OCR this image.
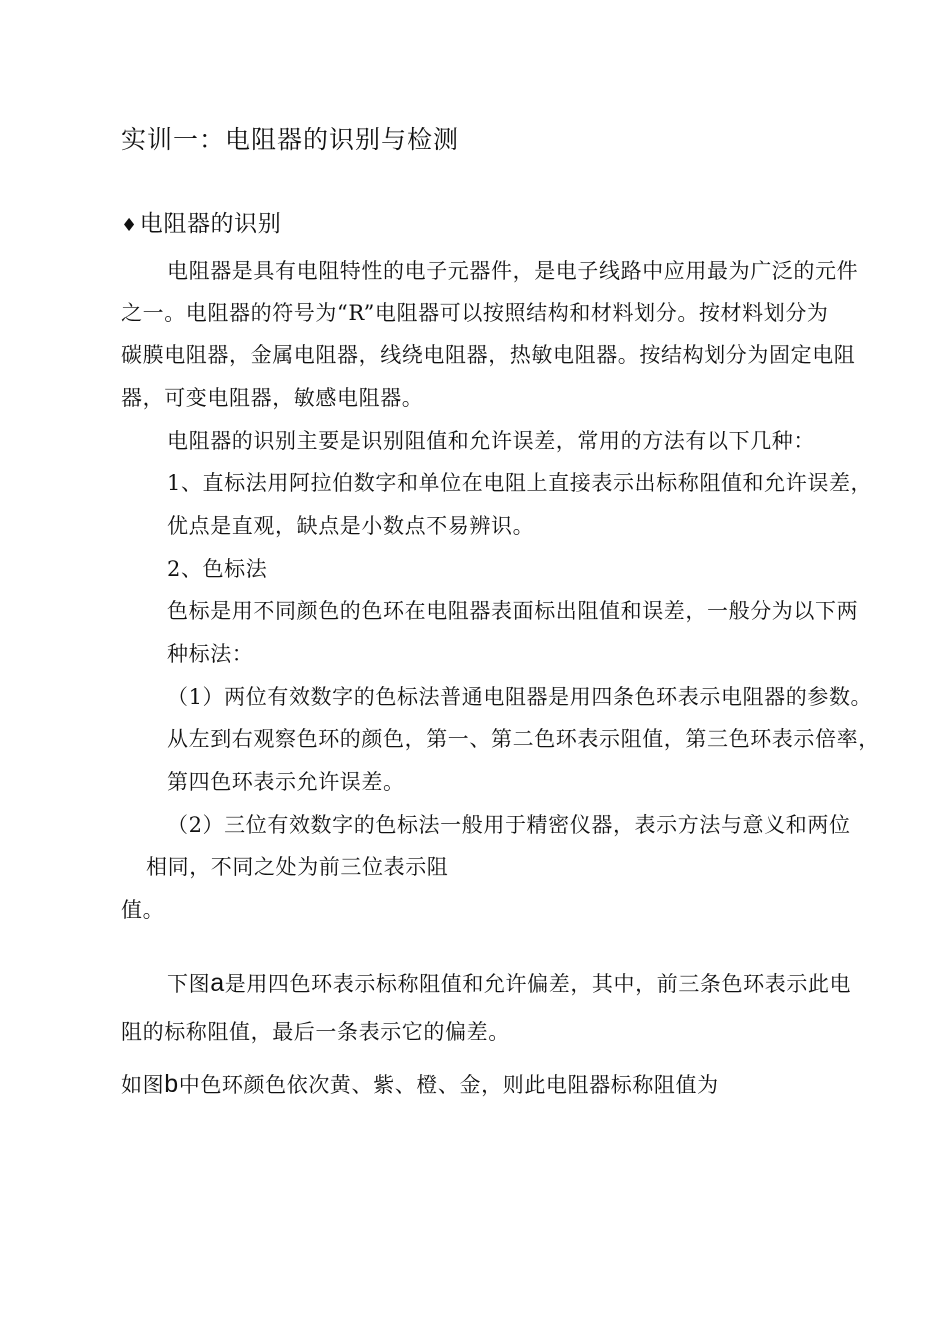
实训一：电阻器的识别与检测
♦电阻器的识别
电阻器是具有电阻特性的电子元器件，是电子线路中应用最为广泛的元件
之一。电阻器的符号为“R”电阻器可以按照结构和材料划分。按材料划分为
碳膜电阻器，金属电阻器，线绕电阻器，热敏电阻器。按结构划分为固定电阻
器，可变电阻器，敏感电阻器。
电阻器的识别主要是识别阻值和允许误差，常用的方法有以下几种：
1、直标法用阿拉伯数字和单位在电阻上直接表示出标称阻值和允许误差，
优点是直观，缺点是小数点不易辨识。
2、色标法
色标是用不同颜色的色环在电阻器表面标出阻值和误差，一般分为以下两
种标法：
（1）两位有效数字的色标法普通电阻器是用四条色环表示电阻器的参数。
从左到右观察色环的颜色，第一、第二色环表示阻值，第三色环表示倍率，
第四色环表示允许误差。
（2）三位有效数字的色标法一般用于精密仪器，表示方法与意义和两位
相同，不同之处为前三位表示阻
值。
下图a是用四色环表示标称阻值和允许偏差，其中，前三条色环表示此电
阻的标称阻值，最后一条表示它的偏差。
如图b中色环颜色依次黄、紫、橙、金，则此电阻器标称阻值为
